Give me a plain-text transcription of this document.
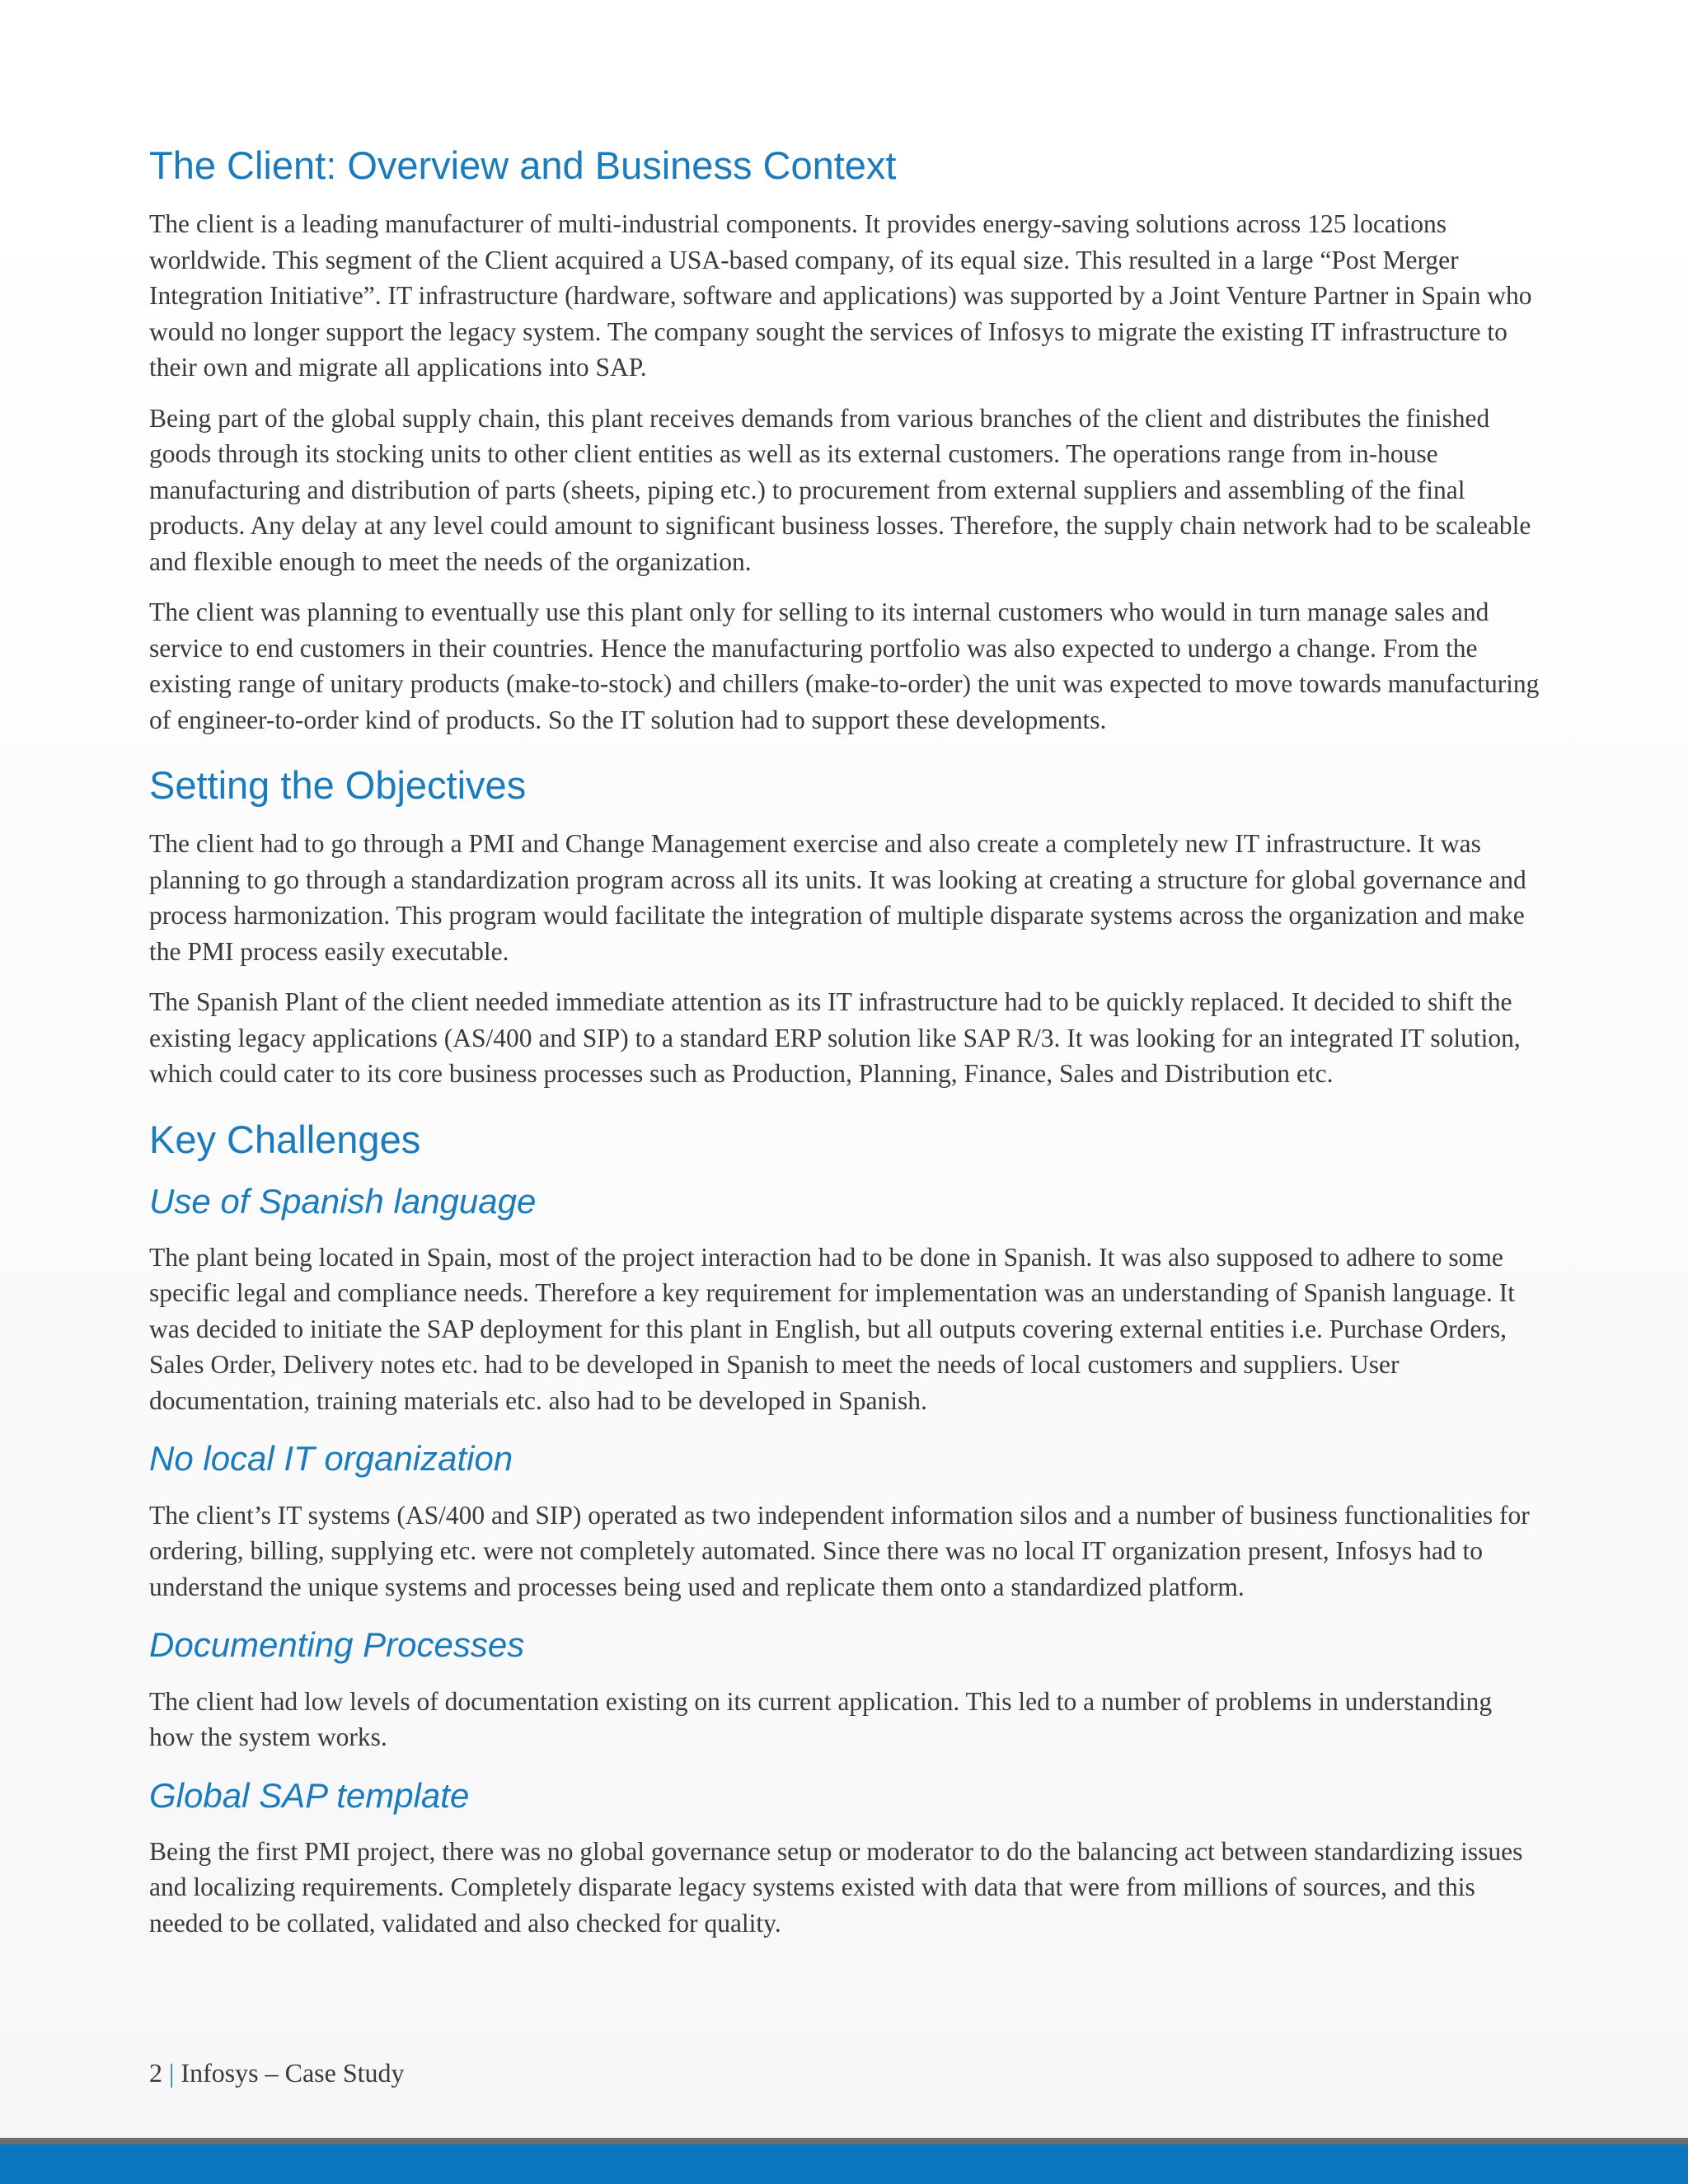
The Client: Overview and Business Context

The client is a leading manufacturer of multi-industrial components. It provides energy-saving solutions across 125 locations worldwide. This segment of the Client acquired a USA-based company, of its equal size. This resulted in a large “Post Merger Integration Initiative”. IT infrastructure (hardware, software and applications) was supported by a Joint Venture Partner in Spain who would no longer support the legacy system. The company sought the services of Infosys to migrate the existing IT infrastructure to their own and migrate all applications into SAP.

Being part of the global supply chain, this plant receives demands from various branches of the client and distributes the finished goods through its stocking units to other client entities as well as its external customers. The operations range from in-house manufacturing and distribution of parts (sheets, piping etc.) to procurement from external suppliers and assembling of the final products. Any delay at any level could amount to significant business losses. Therefore, the supply chain network had to be scaleable and flexible enough to meet the needs of the organization.

The client was planning to eventually use this plant only for selling to its internal customers who would in turn manage sales and service to end customers in their countries. Hence the manufacturing portfolio was also expected to undergo a change. From the existing range of unitary products (make-to-stock) and chillers (make-to-order) the unit was expected to move towards manufacturing of engineer-to-order kind of products. So the IT solution had to support these developments.

Setting the Objectives

The client had to go through a PMI and Change Management exercise and also create a completely new IT infrastructure. It was planning to go through a standardization program across all its units. It was looking at creating a structure for global governance and process harmonization. This program would facilitate the integration of multiple disparate systems across the organization and make the PMI process easily executable.

The Spanish Plant of the client needed immediate attention as its IT infrastructure had to be quickly replaced. It decided to shift the existing legacy applications (AS/400 and SIP) to a standard ERP solution like SAP R/3. It was looking for an integrated IT solution, which could cater to its core business processes such as Production, Planning, Finance, Sales and Distribution etc.

Key Challenges
Use of Spanish language

The plant being located in Spain, most of the project interaction had to be done in Spanish. It was also supposed to adhere to some specific legal and compliance needs. Therefore a key requirement for implementation was an understanding of Spanish language. It was decided to initiate the SAP deployment for this plant in English, but all outputs covering external entities i.e. Purchase Orders, Sales Order, Delivery notes etc. had to be developed in Spanish to meet the needs of local customers and suppliers. User documentation, training materials etc. also had to be developed in Spanish.

No local IT organization

The client’s IT systems (AS/400 and SIP) operated as two independent information silos and a number of business functionalities for ordering, billing, supplying etc. were not completely automated. Since there was no local IT organization present, Infosys had to understand the unique systems and processes being used and replicate them onto a standardized platform.

Documenting Processes

The client had low levels of documentation existing on its current application. This led to a number of problems in understanding how the system works.

Global SAP template

Being the first PMI project, there was no global governance setup or moderator to do the balancing act between standardizing issues and localizing requirements. Completely disparate legacy systems existed with data that were from millions of sources, and this needed to be collated, validated and also checked for quality.

2 | Infosys – Case Study
